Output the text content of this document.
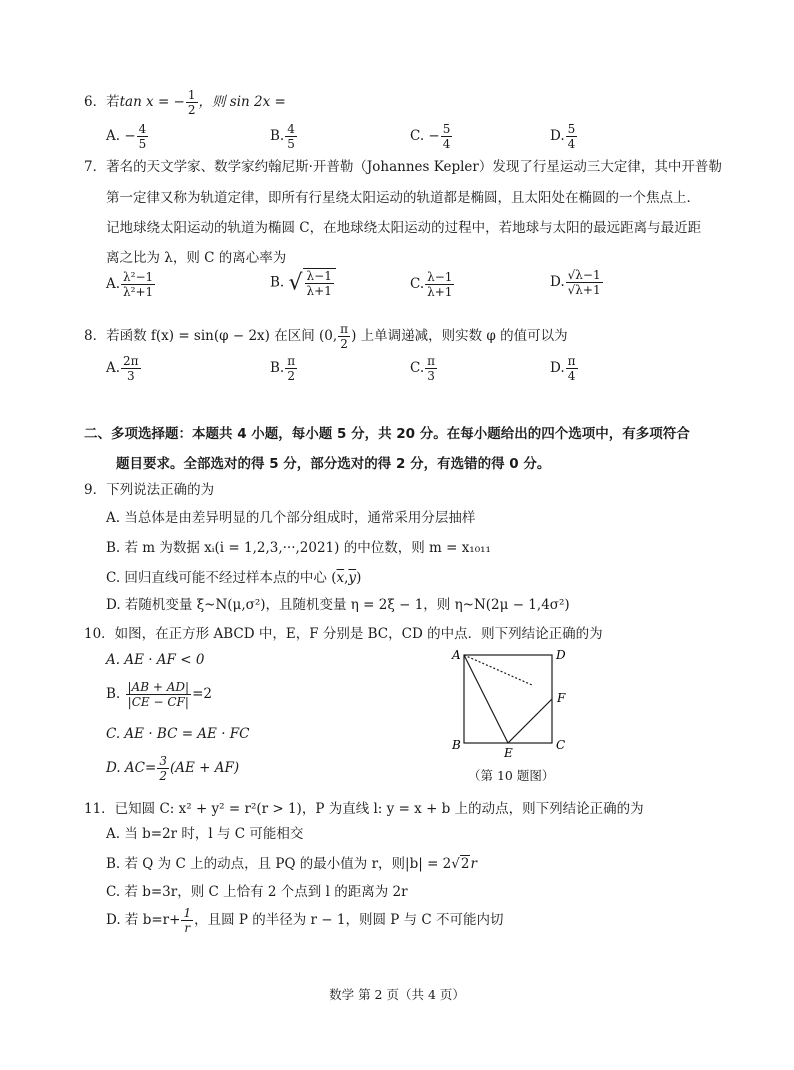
6．若tan x = − $\frac{1}{2}$ ，则 sin 2x =
A. − $\frac{4}{5}$	B. $\frac{4}{5}$	C. − $\frac{5}{4}$	D. $\frac{5}{4}$
7．著名的天文学家、数学家约翰尼斯·开普勒（Johannes Kepler）发现了行星运动三大定律，其中开普勒
第一定律又称为轨道定律，即所有行星绕太阳运动的轨道都是椭圆，且太阳处在椭圆的一个焦点上．
记地球绕太阳运动的轨道为椭圆 C，在地球绕太阳运动的过程中，若地球与太阳的最远距离与最近距
离之比为 λ，则 C 的离心率为
A. $\frac{\text{λ²−1}}{\text{λ²+1}}$	B. √ $\frac{\lambda-1}{\lambda+1}$	C. $\frac{\lambda-1}{\lambda+1}$	D. $\frac{√\lambda-1}{√\lambda+1}$
8．若函数 f(x) = sin(φ − 2x) 在区间 (0, $\frac{\pi}{2}$ ) 上单调递减，则实数 φ 的值可以为
A. $\frac{2\pi}{3}$	B. $\frac{\pi}{2}$	C. $\frac{\pi}{3}$	D. $\frac{\pi}{4}$
二、多项选择题：本题共 4 小题，每小题 5 分，共 20 分。在每小题给出的四个选项中，有多项符合
题目要求。全部选对的得 5 分，部分选对的得 2 分，有选错的得 0 分。
9．下列说法正确的为
A. 当总体是由差异明显的几个部分组成时，通常采用分层抽样
B. 若 m 为数据 xᵢ(i = 1,2,3,···,2021) 的中位数，则 m = x₁₀₁₁
C. 回归直线可能不经过样本点的中心 $(\overline{x},\overline{y})$
D. 若随机变量 ξ~N(μ,σ²)，且随机变量 η = 2ξ − 1，则 η~N(2μ − 1,4σ²)
10．如图，在正方形 ABCD 中，E，F 分别是 BC，CD 的中点．则下列结论正确的为
A. AE · AF < 0
B. $\frac{|AB + AD|}{|CE - CF|} =2$
C. AE · BC = AE · FC
D. $AC= \frac{3}{2} (AE + AF)$
A	D
B	C
E
F
（第 10 题图）
11．已知圆 C: x² + y² = r²(r > 1)，P 为直线 l: y = x + b 上的动点，则下列结论正确的为
A. 当 b=2r 时，l 与 C 可能相交
B. 若 Q 为 C 上的动点，且 PQ 的最小值为 r，则|b| = 2√2r
C. 若 b=3r，则 C 上恰有 2 个点到 l 的距离为 2r
D. 若 $b=r+ \frac{1}{r}$ ，且圆 P 的半径为 r − 1，则圆 P 与 C 不可能内切
数学 第 2 页（共 4 页）
